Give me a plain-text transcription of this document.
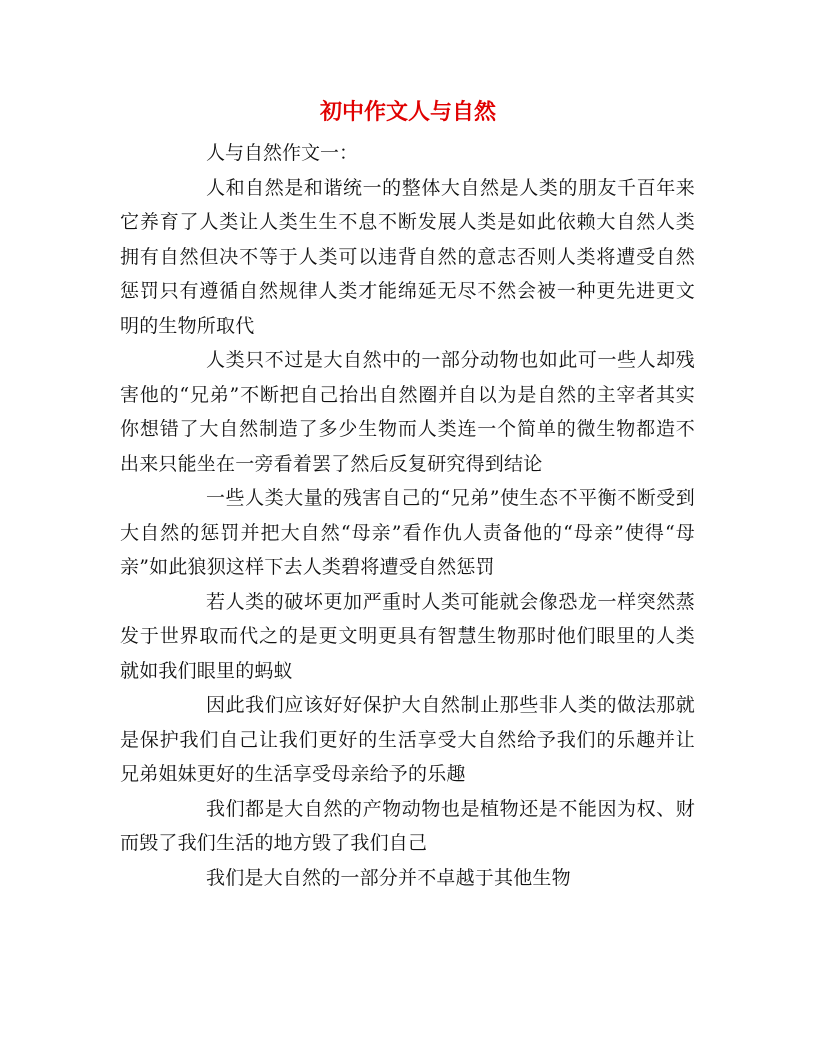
初中作文人与自然

人与自然作文一：

人和自然是和谐统一的整体大自然是人类的朋友千百年来它养育了人类让人类生生不息不断发展人类是如此依赖大自然人类拥有自然但决不等于人类可以违背自然的意志否则人类将遭受自然惩罚只有遵循自然规律人类才能绵延无尽不然会被一种更先进更文明的生物所取代

人类只不过是大自然中的一部分动物也如此可一些人却残害他的“兄弟”不断把自己抬出自然圈并自以为是自然的主宰者其实你想错了大自然制造了多少生物而人类连一个简单的微生物都造不出来只能坐在一旁看着罢了然后反复研究得到结论

一些人类大量的残害自己的“兄弟”使生态不平衡不断受到大自然的惩罚并把大自然“母亲”看作仇人责备他的“母亲”使得“母亲”如此狼狈这样下去人类碧将遭受自然惩罚

若人类的破坏更加严重时人类可能就会像恐龙一样突然蒸发于世界取而代之的是更文明更具有智慧生物那时他们眼里的人类就如我们眼里的蚂蚁

因此我们应该好好保护大自然制止那些非人类的做法那就是保护我们自己让我们更好的生活享受大自然给予我们的乐趣并让兄弟姐妹更好的生活享受母亲给予的乐趣

我们都是大自然的产物动物也是植物还是不能因为权、财而毁了我们生活的地方毁了我们自己

我们是大自然的一部分并不卓越于其他生物
